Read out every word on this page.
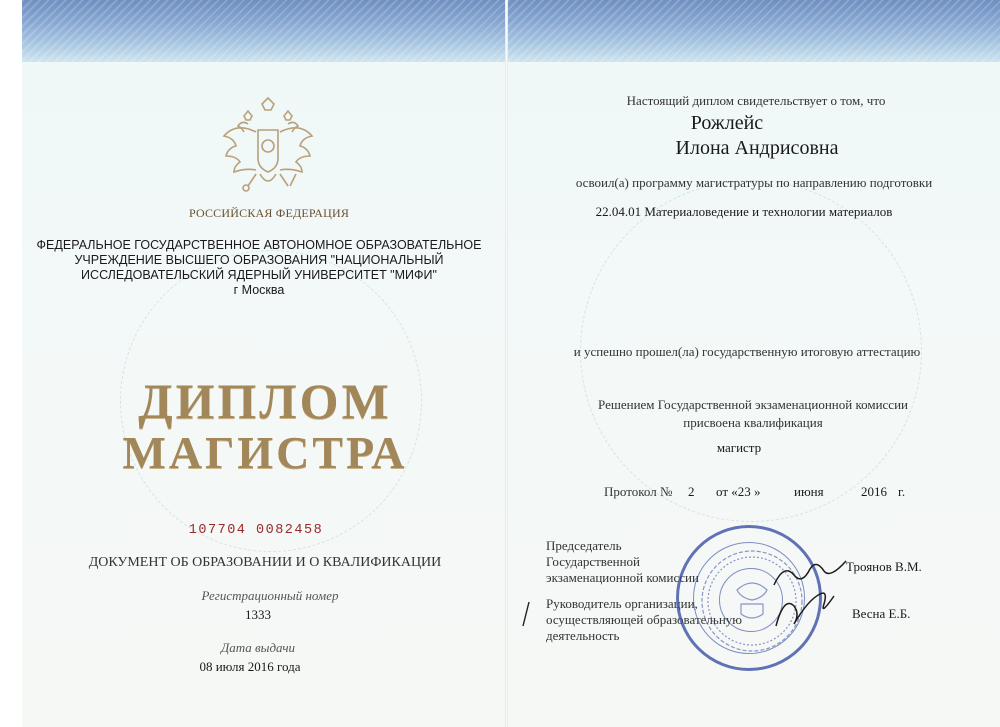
РОССИЙСКАЯ ФЕДЕРАЦИЯ
ФЕДЕРАЛЬНОЕ ГОСУДАРСТВЕННОЕ АВТОНОМНОЕ ОБРАЗОВАТЕЛЬНОЕ
УЧРЕЖДЕНИЕ ВЫСШЕГО ОБРАЗОВАНИЯ "НАЦИОНАЛЬНЫЙ
ИССЛЕДОВАТЕЛЬСКИЙ ЯДЕРНЫЙ УНИВЕРСИТЕТ "МИФИ"
г Москва
ДИПЛОМ
МАГИСТРА
107704 0082458
ДОКУМЕНТ ОБ ОБРАЗОВАНИИ И О КВАЛИФИКАЦИИ
Регистрационный номер
1333
Дата выдачи
08 июля 2016 года
Настоящий диплом свидетельствует о том, что
Рожлейс
Илона Андрисовна
освоил(а) программу магистратуры по направлению подготовки
22.04.01 Материаловедение и технологии материалов
и успешно прошел(ла) государственную итоговую аттестацию
Решением Государственной экзаменационной комиссии
присвоена квалификация
магистр
Протокол № 2 от «23 »	июня	2016 г.
Председатель
Государственной
экзаменационной комиссии
Троянов В.М.
Руководитель организации,
осуществляющей образовательную
деятельность
Весна Е.Б.
